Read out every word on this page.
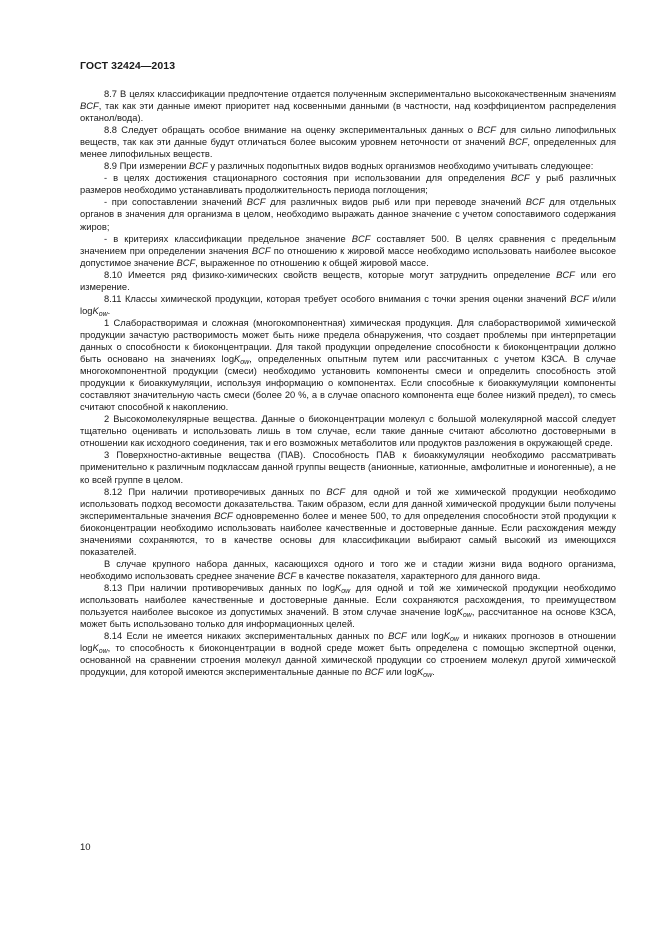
ГОСТ 32424—2013

8.7 В целях классификации предпочтение отдается полученным экспериментально высококачественным значениям BCF, так как эти данные имеют приоритет над косвенными данными (в частности, над коэффициентом распределения октанол/вода).

8.8 Следует обращать особое внимание на оценку экспериментальных данных о BCF для сильно липофильных веществ, так как эти данные будут отличаться более высоким уровнем неточности от значений BCF, определенных для менее липофильных веществ.

8.9 При измерении BCF у различных подопытных видов водных организмов необходимо учитывать следующее:

- в целях достижения стационарного состояния при использовании для определения BCF у рыб различных размеров необходимо устанавливать продолжительность периода поглощения;

- при сопоставлении значений BCF для различных видов рыб или при переводе значений BCF для отдельных органов в значения для организма в целом, необходимо выражать данное значение с учетом сопоставимого содержания жиров;

- в критериях классификации предельное значение BCF составляет 500. В целях сравнения с предельным значением при определении значения BCF по отношению к жировой массе необходимо использовать наиболее высокое допустимое значение BCF, выраженное по отношению к общей жировой массе.

8.10 Имеется ряд физико-химических свойств веществ, которые могут затруднить определение BCF или его измерение.

8.11 Классы химической продукции, которая требует особого внимания с точки зрения оценки значений BCF и/или logK$_{ow}$.

1 Слаборастворимая и сложная (многокомпонентная) химическая продукция. Для слаборастворимой химической продукции зачастую растворимость может быть ниже предела обнаружения, что создает проблемы при интерпретации данных о способности к биоконцентрации. Для такой продукции определение способности к биоконцентрации должно быть основано на значениях logK$_{ow}$, определенных опытным путем или рассчитанных с учетом КЗСА. В случае многокомпонентной продукции (смеси) необходимо установить компоненты смеси и определить способность этой продукции к биоаккумуляции, используя информацию о компонентах. Если способные к биоаккумуляции компоненты составляют значительную часть смеси (более 20 %, а в случае опасного компонента еще более низкий предел), то смесь считают способной к накоплению.

2 Высокомолекулярные вещества. Данные о биоконцентрации молекул с большой молекулярной массой следует тщательно оценивать и использовать лишь в том случае, если такие данные считают абсолютно достоверными в отношении как исходного соединения, так и его возможных метаболитов или продуктов разложения в окружающей среде.

3 Поверхностно-активные вещества (ПАВ). Способность ПАВ к биоаккумуляции необходимо рассматривать применительно к различным подклассам данной группы веществ (анионные, катионные, амфолитные и ионогенные), а не ко всей группе в целом.

8.12 При наличии противоречивых данных по BCF для одной и той же химической продукции необходимо использовать подход весомости доказательства. Таким образом, если для данной химической продукции были получены экспериментальные значения BCF одновременно более и менее 500, то для определения способности этой продукции к биоконцентрации необходимо использовать наиболее качественные и достоверные данные. Если расхождения между значениями сохраняются, то в качестве основы для классификации выбирают самый высокий из имеющихся показателей.

В случае крупного набора данных, касающихся одного и того же и стадии жизни вида водного организма, необходимо использовать среднее значение BCF в качестве показателя, характерного для данного вида.

8.13 При наличии противоречивых данных по logK$_{ow}$ для одной и той же химической продукции необходимо использовать наиболее качественные и достоверные данные. Если сохраняются расхождения, то преимуществом пользуется наиболее высокое из допустимых значений. В этом случае значение logK$_{ow}$, рассчитанное на основе КЗСА, может быть использовано только для информационных целей.

8.14 Если не имеется никаких экспериментальных данных по BCF или logK$_{ow}$ и никаких прогнозов в отношении logK$_{ow}$, то способность к биоконцентрации в водной среде может быть определена с помощью экспертной оценки, основанной на сравнении строения молекул данной химической продукции со строением молекул другой химической продукции, для которой имеются экспериментальные данные по BCF или logK$_{ow}$.

10
